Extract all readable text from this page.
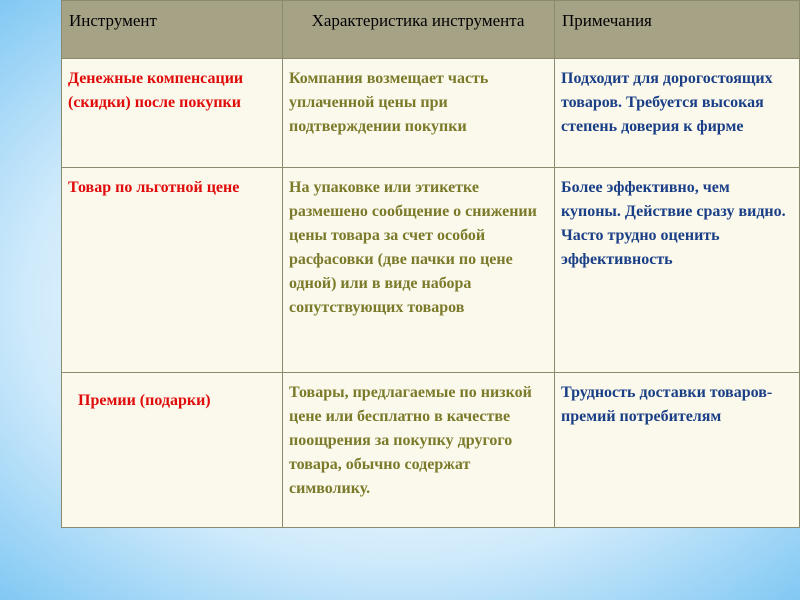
Инструмент	Характеристика инструмента	Примечания
Денежные компенсации (скидки) после покупки	Компания возмещает часть уплаченной цены при подтверждении покупки	Подходит для дорогостоящих товаров. Требуется высокая степень доверия к фирме
Товар по льготной цене	На упаковке или этикетке размешено сообщение о снижении цены товара за счет особой расфасовки (две пачки по цене одной) или в виде набора сопутствующих товаров	Более эффективно, чем купоны. Действие сразу видно. Часто трудно оценить эффективность

Премии (подарки)	Товары, предлагаемые по низкой цене или бесплатно в качестве поощрения за покупку другого товара, обычно содержат символику.	Трудность доставки товаров-премий потребителям
